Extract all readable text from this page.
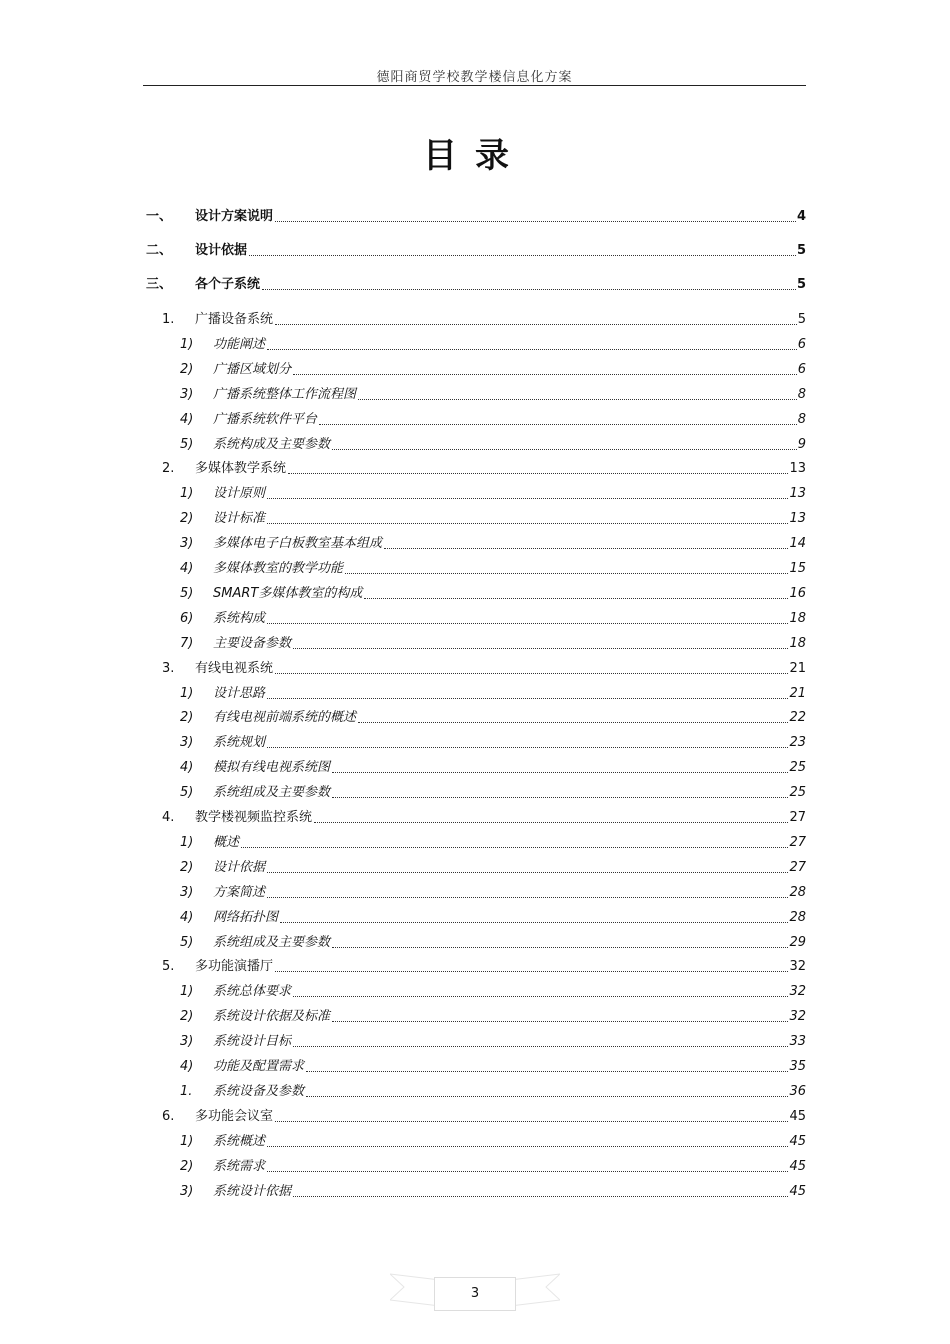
德阳商贸学校教学楼信息化方案
目录
一、 设计方案说明	4
二、 设计依据	5
三、 各个子系统	5
1. 广播设备系统	5
1) 功能阐述	6
2) 广播区域划分	6
3) 广播系统整体工作流程图	8
4) 广播系统软件平台	8
5) 系统构成及主要参数	9
2. 多媒体教学系统	13
1) 设计原则	13
2) 设计标准	13
3) 多媒体电子白板教室基本组成	14
4) 多媒体教室的教学功能	15
5) SMART多媒体教室的构成	16
6) 系统构成	18
7) 主要设备参数	18
3. 有线电视系统	21
1) 设计思路	21
2) 有线电视前端系统的概述	22
3) 系统规划	23
4) 模拟有线电视系统图	25
5) 系统组成及主要参数	25
4. 教学楼视频监控系统	27
1) 概述	27
2) 设计依据	27
3) 方案简述	28
4) 网络拓扑图	28
5) 系统组成及主要参数	29
5. 多功能演播厅	32
1) 系统总体要求	32
2) 系统设计依据及标准	32
3) 系统设计目标	33
4) 功能及配置需求	35
1. 系统设备及参数	36
6. 多功能会议室	45
1) 系统概述	45
2) 系统需求	45
3) 系统设计依据	45
3
